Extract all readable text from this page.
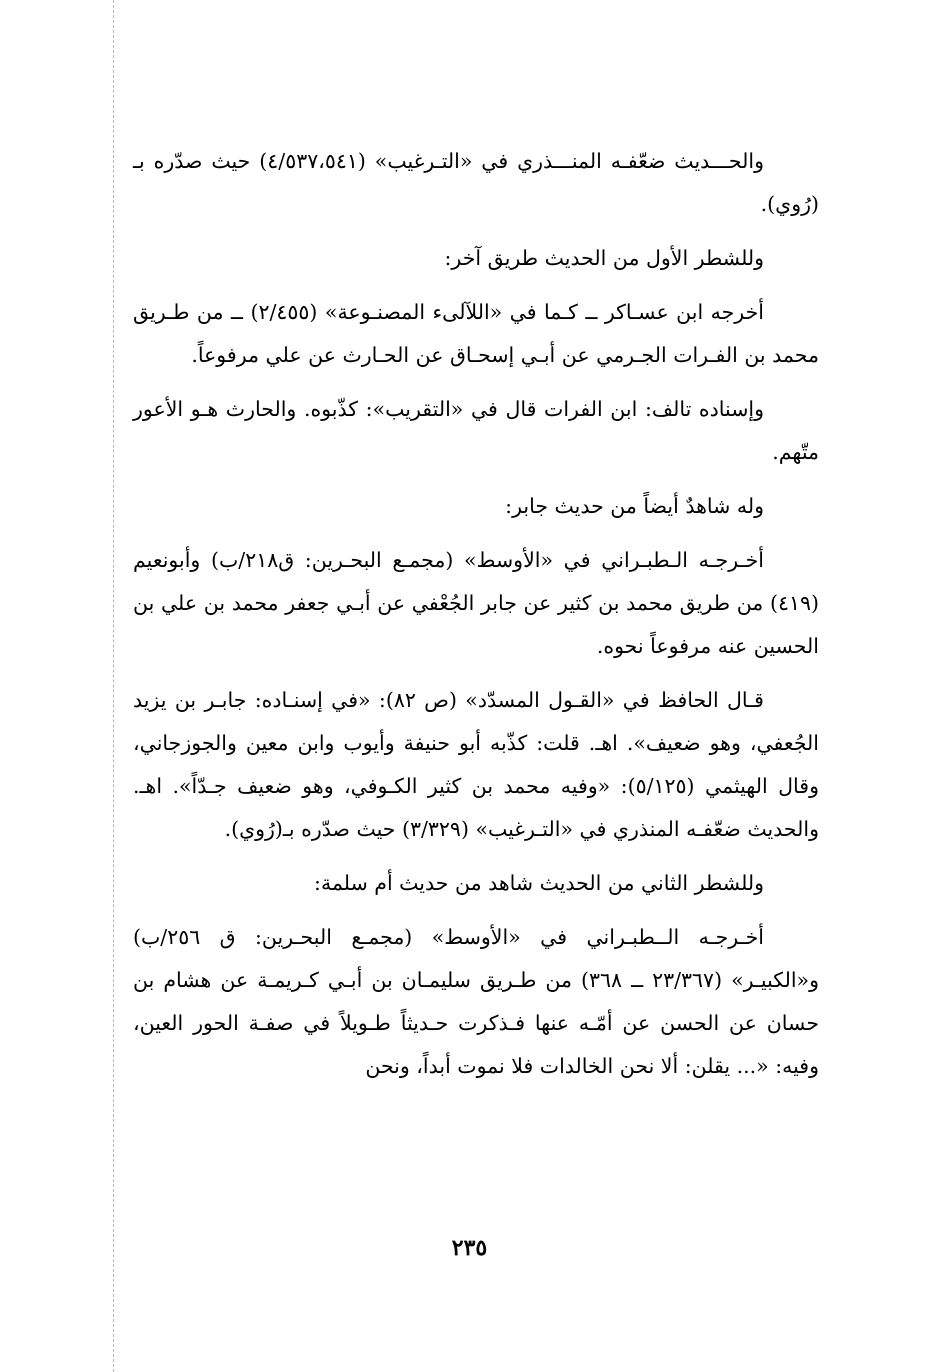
والحـــديث ضعّفـه المنـــذري في «التـرغيب» (٤/٥٣٧،٥٤١) حيث صدّره بـ (رُوي).

وللشطر الأول من الحديث طريق آخر:

أخرجه ابن عسـاكر ــ كـما في «اللآلىء المصنـوعة» (٢/٤٥٥) ــ من طـريق محمد بن الفـرات الجـرمي عن أبـي إسحـاق عن الحـارث عن علي مرفوعاً.

وإسناده تالف: ابن الفرات قال في «التقريب»: كذّبوه. والحارث هـو الأعور متّهم.

وله شاهدٌ أيضاً من حديث جابر:

أخـرجـه الـطبـراني في «الأوسط» (مجمـع البحـرين: ق٢١٨/ب) وأبونعيم (٤١٩) من طريق محمد بن كثير عن جابر الجُعْفي عن أبـي جعفر محمد بن علي بن الحسين عنه مرفوعاً نحوه.

قـال الحافظ في «القـول المسدّد» (ص ٨٢): «في إسنـاده: جابـر بن يزيد الجُعفي، وهو ضعيف». اهـ. قلت: كذّبه أبو حنيفة وأيوب وابن معين والجوزجاني، وقال الهيثمي (٥/١٢٥): «وفيه محمد بن كثير الكـوفي، وهو ضعيف جـدّاً». اهـ. والحديث ضعّفـه المنذري في «التـرغيب» (٣/٣٢٩) حيث صدّره بـ(رُوي).

وللشطر الثاني من الحديث شاهد من حديث أم سلمة:

أخـرجـه الــطبـراني في «الأوسط» (مجمـع البحـرين: ق ٢٥٦/ب) و«الكبيـر» (٢٣/٣٦٧ ــ ٣٦٨) من طـريق سليمـان بن أبـي كـريمـة عن هشام بن حسان عن الحسن عن أمّـه عنها فـذكرت حـديثاً طـويلاً في صفـة الحور العين، وفيه: «... يقلن: ألا نحن الخالدات فلا نموت أبداً، ونحن

٢٣٥
